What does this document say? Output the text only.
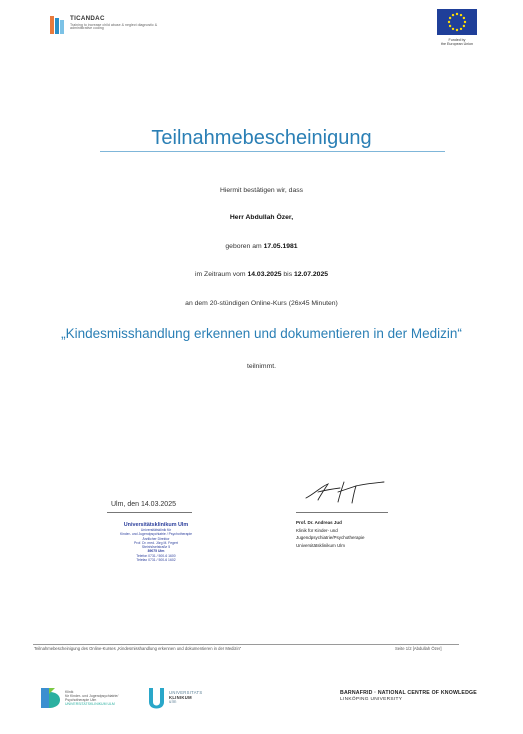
TICANDAC
Training to increase child abuse & neglect diagnostic & administrative coding
Funded by
the European Union
Teilnahmebescheinigung
Hiermit bestätigen wir, dass
Herr Abdullah Özer,
geboren am 17.05.1981
im Zeitraum vom 14.03.2025 bis 12.07.2025
an dem 20-stündigen Online-Kurs (26x45 Minuten)
„Kindesmisshandlung erkennen und dokumentieren in der Medizin“
teilnimmt.
Ulm, den 14.03.2025
Universitätsklinikum Ulm
Universitätsklinik für
Kinder- und Jugendpsychiatrie / Psychotherapie
Ärztlicher Direktor
Prof. Dr. med. Jörg M. Fegert
Steinhövelstraße 5
89075 Ulm
Telefon 0731 / 500-6 1600
Telefax 0731 / 500-6 1602
Prof. Dr. Andreas Jud
Klinik für Kinder- und
Jugendpsychiatrie/Psychotherapie
Universitätsklinikum Ulm
Teilnahmebescheinigung des Online-Kurses „Kindesmisshandlung erkennen und dokumentieren in der Medizin“	Seite 1/2 [Abdullah Özer]
Klinik
für Kinder- und Jugendpsychiatrie/
Psychotherapie Ulm
UNIVERSITATSKLINIKUM ULM
UNIVERSITATS
KLINIKUM
ulm
BARNAFRID · NATIONAL CENTRE OF KNOWLEDGE
LINKÖPING UNIVERSITY
